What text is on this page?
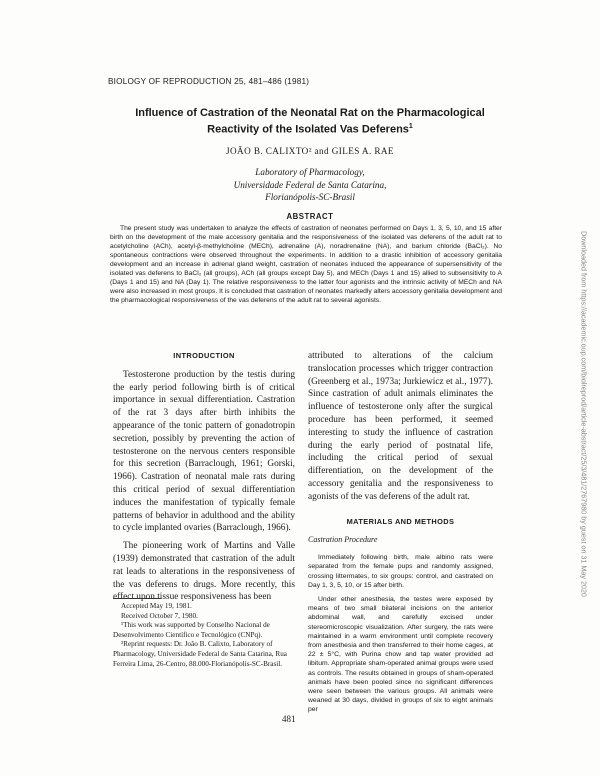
BIOLOGY OF REPRODUCTION 25, 481–486 (1981)
Influence of Castration of the Neonatal Rat on the Pharmacological
Reactivity of the Isolated Vas Deferens$^1$
JOÃO B. CALIXTO² and GILES A. RAE
Laboratory of Pharmacology,
Universidade Federal de Santa Catarina,
Florianópolis-SC-Brasil
ABSTRACT
The present study was undertaken to analyze the effects of castration of neonates performed on Days 1, 3, 5, 10, and 15 after birth on the development of the male accessory genitalia and the responsiveness of the isolated vas deferens of the adult rat to acetylcholine (ACh), acetyl-β-methylcholine (MECh), adrenaline (A), noradrenaline (NA), and barium chloride (BaCl₂). No spontaneous contractions were observed throughout the experiments. In addition to a drastic inhibition of accessory genitalia development and an increase in adrenal gland weight, castration of neonates induced the appearance of supersensitivity of the isolated vas deferens to BaCl₂ (all groups), ACh (all groups except Day 5), and MECh (Days 1 and 15) allied to subsensitivity to A (Days 1 and 15) and NA (Day 1). The relative responsiveness to the latter four agonists and the intrinsic activity of MECh and NA were also increased in most groups. It is concluded that castration of neonates markedly alters accessory genitalia development and the pharmacological responsiveness of the vas deferens of the adult rat to several agonists.
INTRODUCTION

Testosterone production by the testis during the early period following birth is of critical importance in sexual differentiation. Castration of the rat 3 days after birth inhibits the appearance of the tonic pattern of gonadotropin secretion, possibly by preventing the action of testosterone on the nervous centers responsible for this secretion (Barraclough, 1961; Gorski, 1966). Castration of neonatal male rats during this critical period of sexual differentiation induces the manifestation of typically female patterns of behavior in adulthood and the ability to cycle implanted ovaries (Barraclough, 1966).

The pioneering work of Martins and Valle (1939) demonstrated that castration of the adult rat leads to alterations in the responsiveness of the vas deferens to drugs. More recently, this effect upon tissue responsiveness has been

Accepted May 19, 1981.
Received October 7, 1980.
¹This work was supported by Conselho Nacional de Desenvolvimento Científico e Tecnológico (CNPq).
²Reprint requests: Dr. João B. Calixto, Laboratory of Pharmacology, Universidade Federal de Santa Catarina, Rua Ferreira Lima, 26-Centro, 88.000-Florianópolis-SC-Brasil.

attributed to alterations of the calcium translocation processes which trigger contraction (Greenberg et al., 1973a; Jurkiewicz et al., 1977). Since castration of adult animals eliminates the influence of testosterone only after the surgical procedure has been performed, it seemed interesting to study the influence of castration during the early period of postnatal life, including the critical period of sexual differentiation, on the development of the accessory genitalia and the responsiveness to agonists of the vas deferens of the adult rat.

MATERIALS AND METHODS
Castration Procedure

Immediately following birth, male albino rats were separated from the female pups and randomly assigned, crossing littermates, to six groups: control, and castrated on Day 1, 3, 5, 10, or 15 after birth.

Under ether anesthesia, the testes were exposed by means of two small bilateral incisions on the anterior abdominal wall, and carefully excised under stereomicroscopic visualization. After surgery, the rats were maintained in a warm environment until complete recovery from anesthesia and then transferred to their home cages, at 22 ± 5°C, with Purina chow and tap water provided ad libitum. Appropriate sham-operated animal groups were used as controls. The results obtained in groups of sham-operated animals have been pooled since no significant differences were seen between the various groups. All animals were weaned at 30 days, divided in groups of six to eight animals per

481
Downloaded from https://academic.oup.com/biolreprod/article-abstract/25/3/481/2767980 by guest on 31 May 2020
